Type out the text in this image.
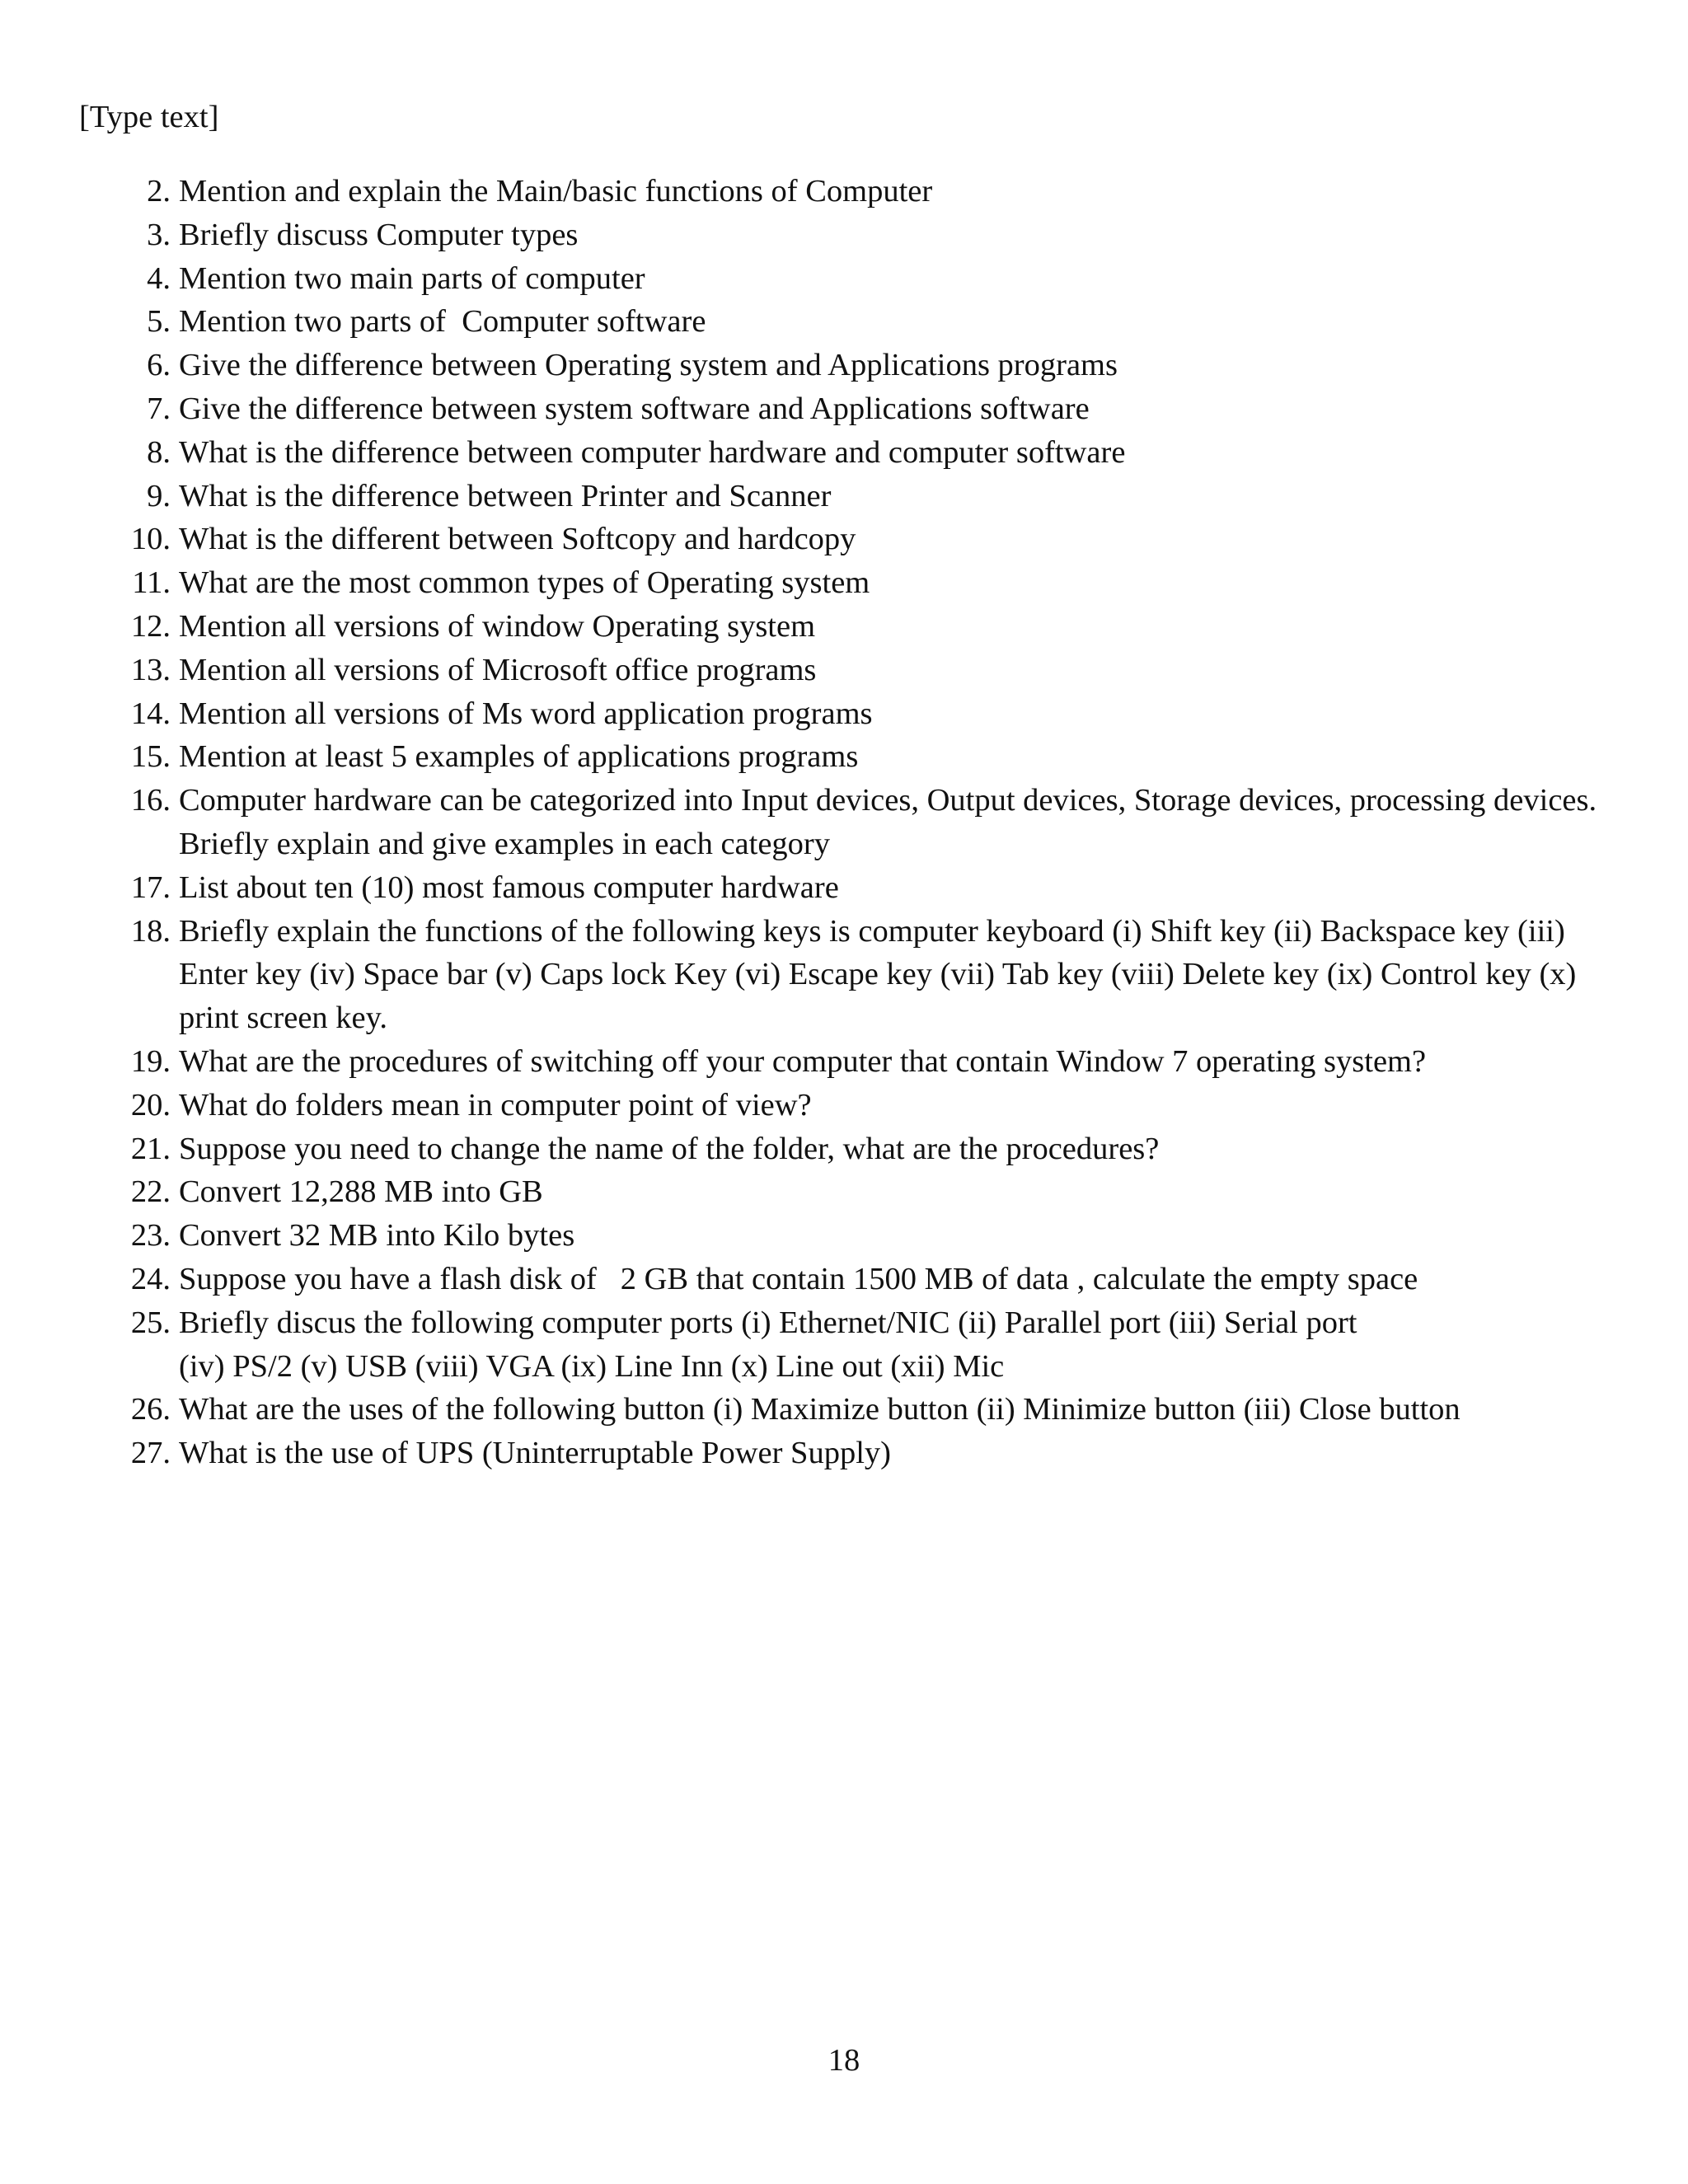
[Type text]
2. Mention and explain the Main/basic functions of Computer
3. Briefly discuss Computer types
4. Mention two main parts of computer
5. Mention two parts of  Computer software
6. Give the difference between Operating system and Applications programs
7. Give the difference between system software and Applications software
8. What is the difference between computer hardware and computer software
9. What is the difference between Printer and Scanner
10. What is the different between Softcopy and hardcopy
11. What are the most common types of Operating system
12. Mention all versions of window Operating system
13. Mention all versions of Microsoft office programs
14. Mention all versions of Ms word application programs
15. Mention at least 5 examples of applications programs
16. Computer hardware can be categorized into Input devices, Output devices, Storage devices, processing devices. Briefly explain and give examples in each category
17. List about ten (10) most famous computer hardware
18. Briefly explain the functions of the following keys is computer keyboard (i) Shift key (ii) Backspace key (iii) Enter key (iv) Space bar (v) Caps lock Key (vi) Escape key (vii) Tab key (viii) Delete key (ix) Control key (x) print screen key.
19. What are the procedures of switching off your computer that contain Window 7 operating system?
20. What do folders mean in computer point of view?
21. Suppose you need to change the name of the folder, what are the procedures?
22. Convert 12,288 MB into GB
23. Convert 32 MB into Kilo bytes
24. Suppose you have a flash disk of   2 GB that contain 1500 MB of data , calculate the empty space
25. Briefly discus the following computer ports (i) Ethernet/NIC (ii) Parallel port (iii) Serial port
(iv) PS/2 (v) USB (viii) VGA (ix) Line Inn (x) Line out (xii) Mic
26. What are the uses of the following button (i) Maximize button (ii) Minimize button (iii) Close button
27. What is the use of UPS (Uninterruptable Power Supply)
18
